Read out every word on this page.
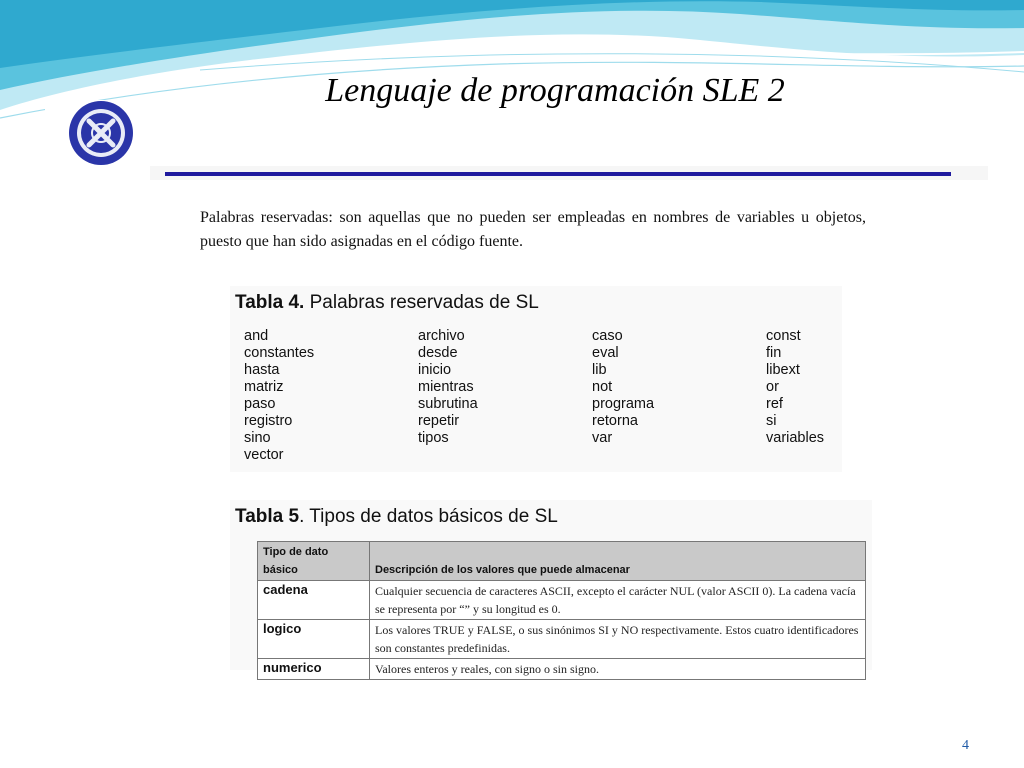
Lenguaje de programación SLE 2

Palabras reservadas: son aquellas que no pueden ser empleadas en nombres de variables u objetos, puesto que han sido asignadas en el código fuente.

Tabla 4. Palabras reservadas de SL
and	archivo	caso	const
constantes	desde	eval	fin
hasta	inicio	lib	libext
matriz	mientras	not	or
paso	subrutina	programa	ref
registro	repetir	retorna	si
sino	tipos	var	variables
vector

Tabla 5. Tipos de datos básicos de SL
Tipo de dato básico	Descripción de los valores que puede almacenar
cadena	Cualquier secuencia de caracteres ASCII, excepto el carácter NUL (valor ASCII 0). La cadena vacía se representa por “” y su longitud es 0.
logico	Los valores TRUE y FALSE, o sus sinónimos SI y NO respectivamente. Estos cuatro identificadores son constantes predefinidas.
numerico	Valores enteros y reales, con signo o sin signo.
4
